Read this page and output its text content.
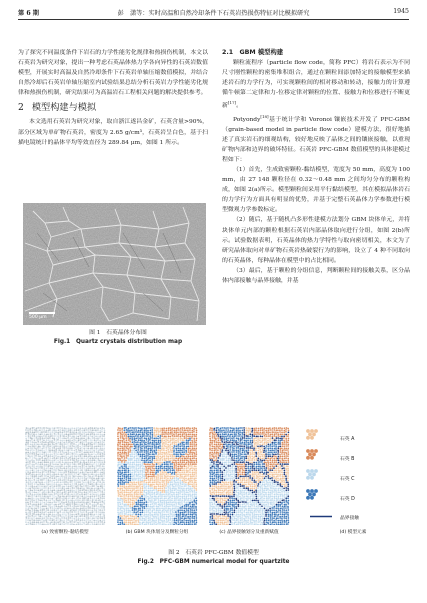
第 6 期	彭　潇等：实时高温和自然冷却条件下石英岩热损伤特征对比模拟研究	1945

为了探究不同温度条件下岩石的力学性能劣化规律和热损伤机制，本文以石英岩为研究对象，提出一种考虑石英晶体热力学各向异性的石英岩数值模型，开展实时高温及自然冷却条件下石英岩单轴压缩数值模拟，并结合自然冷却后石英岩单轴压缩室内试验结果总结分析石英岩力学性能劣化规律和热损伤机制，研究结果可为高温岩石工程相关问题的解决提供参考。

2 模型构建与模拟

本文选用石英岩为研究对象，取自浙江遂昌金矿，石英含量>90%，部分区域为单矿物石英岩，密度为 2.65 g/cm³，石英岩呈白色，基于扫描电镜统计的晶体平均等效直径为 289.84 μm，如图 1 所示。

500 μm
图 1　石英晶体分布图
Fig.1　Quartz crystals distribution map
2.1　GBM 模型构建

颗粒流程序（particle flow code，简称 PFC）将岩石表示为不同尺寸刚性颗粒的密集堆积组合，通过在颗粒间添加特定的接触模型来描述岩石的力学行为，可实现颗粒间的相对移动和转动，接触力的计算遵循牛顿第二定律和力-位移定律对颗粒的位置、接触力和位移进行不断更新[17]。

Potyondy[18]基于统计学和 Voronoi 镶嵌技术开发了 PFC-GBM（grain-based model in particle flow code）建模方法，很好地描述了真实岩石的细观结构，较好地反映了晶体之间的镶嵌接触，以重现矿物内部和边界的破坏特征。石英岩 PFC-GBM 数值模型的具体建模过程如下：

（1）首先，生成致密颗粒-黏结模型，宽度为 50 mm，高度为 100 mm，由 27 148 颗粒径在 0.32～0.48 mm 之间均匀分布的颗粒构成，如图 2(a)所示。模型颗粒间采用平行黏结模型，其在模拟晶体岩石的力学行为方面具有明显的优势，并基于完整石英晶体力学参数进行模型微观力学参数标定。

（2）随后，基于随机凸多形性建模方法划分 GBM 块体单元，并将块体单元内部的颗粒根据石英岩内部晶体取向进行分组，如图 2(b)所示。试验数据表明，石英晶体的热力学特性与取向密切相关，本文为了研究晶体取向对单矿物石英岩热破裂行为的影响，设立了 4 种不同取向的石英晶体，每种晶体在模型中的占比相同。

（3）最后，基于颗粒的分组信息，判断颗粒间的接触关系，区分晶体内部接触与晶界接触，并基

石英 A
石英 B
石英 C
石英 D
晶界接触
(a) 致密颗粒-黏结模型	(b) GBM 块体划分及颗粒分组	(c) 晶界接触划分及重新赋值	(d) 模型元素
图 2　石英岩 PFC-GBM 数值模型
Fig.2　PFC-GBM numerical model for quartzite
